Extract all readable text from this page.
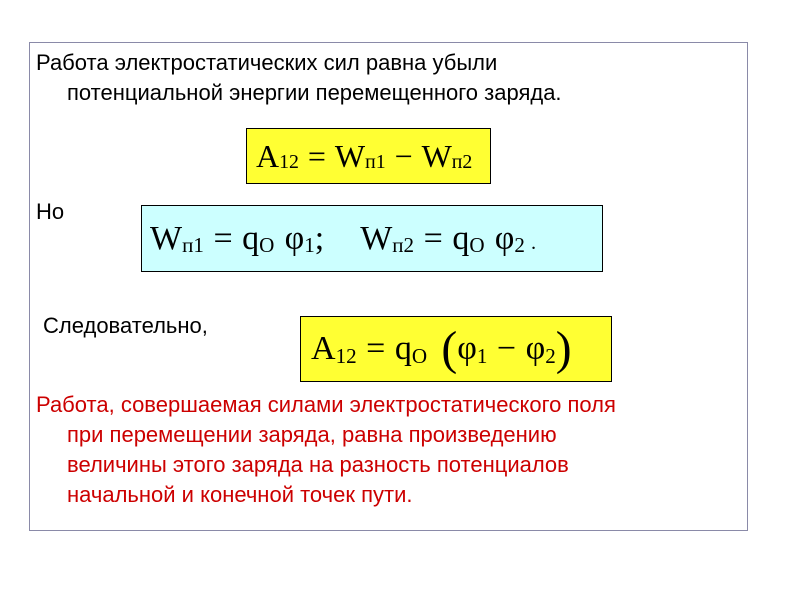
Работа электростатических сил равна убыли
потенциальной энергии перемещенного заряда.

A 12 = W п1 − W п2
Но
W п1 = q O φ 1 ; W п2 = q O φ 2 .
Следовательно,
A 12 = q O ( φ 1 − φ 2 )

Работа, совершаемая силами электростатического поля
при перемещении заряда, равна произведению
величины этого заряда на разность потенциалов
начальной и конечной точек пути.
